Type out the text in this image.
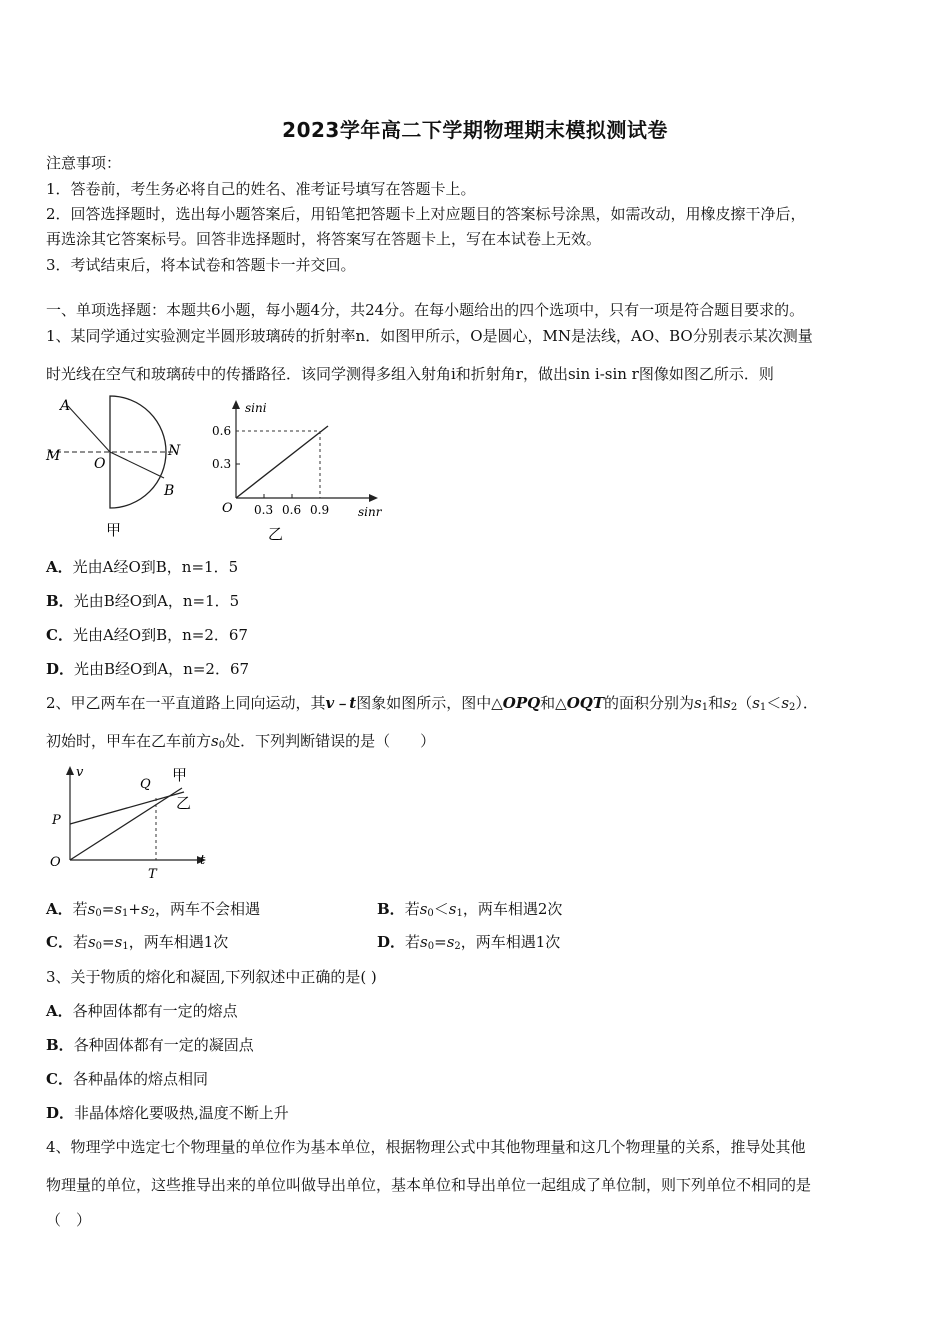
2023学年高二下学期物理期末模拟测试卷
注意事项：
1．答卷前，考生务必将自己的姓名、准考证号填写在答题卡上。
2．回答选择题时，选出每小题答案后，用铅笔把答题卡上对应题目的答案标号涂黑，如需改动，用橡皮擦干净后，
再选涂其它答案标号。回答非选择题时，将答案写在答题卡上，写在本试卷上无效。
3．考试结束后，将本试卷和答题卡一并交回。
一、单项选择题：本题共6小题，每小题4分，共24分。在每小题给出的四个选项中，只有一项是符合题目要求的。
1、某同学通过实验测定半圆形玻璃砖的折射率n．如图甲所示，O是圆心，MN是法线，AO、BO分别表示某次测量
时光线在空气和玻璃砖中的传播路径．该同学测得多组入射角i和折射角r，做出sin i-sin r图像如图乙所示．则
A
M O
N
B
甲
sini
sinr
O
0.6
0.3
0.3 0.6 0.9
乙
A．光由A经O到B，n=1．5
B．光由B经O到A，n=1．5
C．光由A经O到B，n=2．67
D．光由B经O到A，n=2．67
2、甲乙两车在一平直道路上同向运动，其v﹣t图象如图所示，图中△OPQ和△OQT的面积分别为$s_1$和$s_2(s_1<s_2)$．
初始时，甲车在乙车前方$s_0$处．下列判断错误的是（　　）
v
t
O
P
Q
T
甲
乙
A．若$s_0=s_1+s_2$，两车不会相遇	B．若$s_0<s_1$，两车相遇2次
C．若$s_0=s_1$，两车相遇1次	D．若$s_0=s_2$，两车相遇1次
3、关于物质的熔化和凝固,下列叙述中正确的是( )
A．各种固体都有一定的熔点
B．各种固体都有一定的凝固点
C．各种晶体的熔点相同
D．非晶体熔化要吸热,温度不断上升
4、物理学中选定七个物理量的单位作为基本单位，根据物理公式中其他物理量和这几个物理量的关系，推导处其他
物理量的单位，这些推导出来的单位叫做导出单位，基本单位和导出单位一起组成了单位制，则下列单位不相同的是
（　）
